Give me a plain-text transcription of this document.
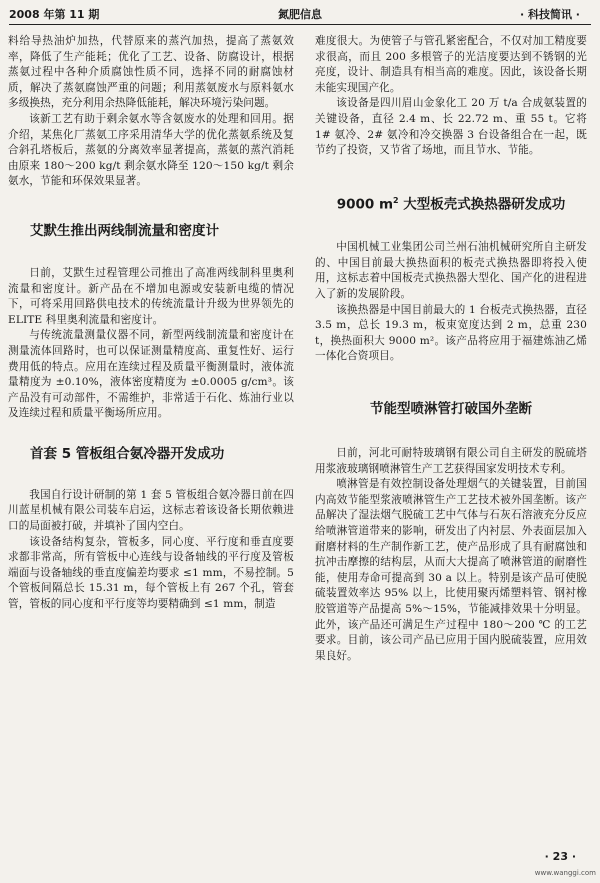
2008 年第 11 期	氮肥信息	· 科技简讯 ·

料给导热油炉加热，代替原来的蒸汽加热，提高了蒸氨效率，降低了生产能耗；优化了工艺、设备、防腐设计，根据蒸氨过程中各种介质腐蚀性质不同，选择不同的耐腐蚀材质，解决了蒸氨腐蚀严重的问题；利用蒸氨废水与原料氨水多级换热，充分利用余热降低能耗，解决环境污染问题。

该新工艺有助于剩余氨水等含氨废水的处理和回用。据介绍，某焦化厂蒸氨工序采用清华大学的优化蒸氨系统及复合斜孔塔板后，蒸氨的分离效率显著提高，蒸氨的蒸汽消耗由原来 180～200 kg/t 剩余氨水降至 120～150 kg/t 剩余氨水，节能和环保效果显著。

艾默生推出两线制流量和密度计

日前，艾默生过程管理公司推出了高准两线制科里奥利流量和密度计。新产品在不增加电源或安装新电缆的情况下，可将采用回路供电技术的传统流量计升级为世界领先的 ELITE 科里奥利流量和密度计。

与传统流量测量仪器不同，新型两线制流量和密度计在测量流体回路时，也可以保证测量精度高、重复性好、运行费用低的特点。应用在连续过程及质量平衡测量时，液体流量精度为 ±0.10%，液体密度精度为 ±0.0005 g/cm³。该产品没有可动部件，不需维护，非常适于石化、炼油行业以及连续过程和质量平衡场所应用。

首套 5 管板组合氨冷器开发成功

我国自行设计研制的第 1 套 5 管板组合氨冷器日前在四川蓝星机械有限公司装车启运，这标志着该设备长期依赖进口的局面被打破，并填补了国内空白。

该设备结构复杂，管板多，同心度、平行度和垂直度要求都非常高，所有管板中心连线与设备轴线的平行度及管板端面与设备轴线的垂直度偏差均要求 ≤1 mm，不易控制。5 个管板间隔总长 15.31 m，每个管板上有 267 个孔，管套管，管板的同心度和平行度等均要精确到 ≤1 mm，制造

难度很大。为使管子与管孔紧密配合，不仅对加工精度要求很高，而且 200 多根管子的光洁度要达到不锈钢的光亮度，设计、制造具有相当高的难度。因此，该设备长期未能实现国产化。

该设备是四川眉山金象化工 20 万 t/a 合成氨装置的关键设备，直径 2.4 m、长 22.72 m、重 55 t。它将 1# 氨冷、2# 氨冷和冷交换器 3 台设备组合在一起，既节约了投资，又节省了场地，而且节水、节能。

9000 $m^2$ 大型板壳式换热器研发成功

中国机械工业集团公司兰州石油机械研究所自主研发的、中国目前最大换热面积的板壳式换热器即将投入使用，这标志着中国板壳式换热器大型化、国产化的进程进入了新的发展阶段。

该换热器是中国目前最大的 1 台板壳式换热器，直径 3.5 m，总长 19.3 m，板束宽度达到 2 m，总重 230 t，换热面积大 9000 m²。该产品将应用于福建炼油乙烯一体化合资项目。

节能型喷淋管打破国外垄断

日前，河北可耐特玻璃钢有限公司自主研发的脱硫塔用浆液玻璃钢喷淋管生产工艺获得国家发明技术专利。

喷淋管是有效控制设备处理烟气的关键装置，目前国内高效节能型浆液喷淋管生产工艺技术被外国垄断。该产品解决了湿法烟气脱硫工艺中气体与石灰石溶液充分反应给喷淋管道带来的影响，研发出了内衬层、外表面层加入耐磨材料的生产制作新工艺，使产品形成了具有耐腐蚀和抗冲击摩擦的结构层，从而大大提高了喷淋管道的耐磨性能，使用寿命可提高到 30 a 以上。特别是该产品可使脱硫装置效率达 95% 以上，比使用聚丙烯塑料管、钢衬橡胶管道等产品提高 5%～15%，节能减排效果十分明显。此外，该产品还可满足生产过程中 180～200 ℃ 的工艺要求。目前，该公司产品已应用于国内脱硫装置，应用效果良好。

· 23 ·
www.wanggi.com
